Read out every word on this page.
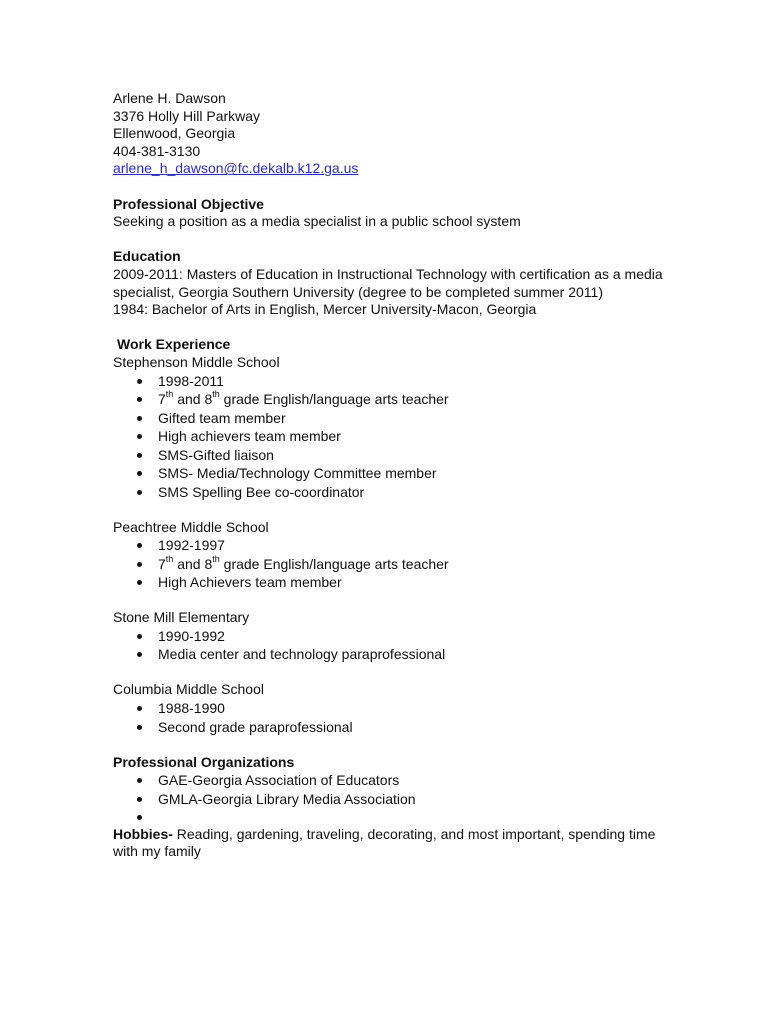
Arlene H. Dawson
3376 Holly Hill Parkway
Ellenwood, Georgia
404-381-3130
arlene_h_dawson@fc.dekalb.k12.ga.us
Professional Objective
Seeking a position as a media specialist in a public school system
Education
2009-2011: Masters of Education in Instructional Technology with certification as a media specialist, Georgia Southern University (degree to be completed summer 2011)
1984: Bachelor of Arts in English, Mercer University-Macon, Georgia
Work Experience
Stephenson Middle School
1998-2011
7th and 8th grade English/language arts teacher
Gifted team member
High achievers team member
SMS-Gifted liaison
SMS- Media/Technology Committee member
SMS Spelling Bee co-coordinator
Peachtree Middle School
1992-1997
7th and 8th grade English/language arts teacher
High Achievers team member
Stone Mill Elementary
1990-1992
Media center and technology paraprofessional
Columbia Middle School
1988-1990
Second grade paraprofessional
Professional Organizations
GAE-Georgia Association of Educators
GMLA-Georgia Library Media Association
Hobbies- Reading, gardening, traveling, decorating, and most important, spending time with my family
